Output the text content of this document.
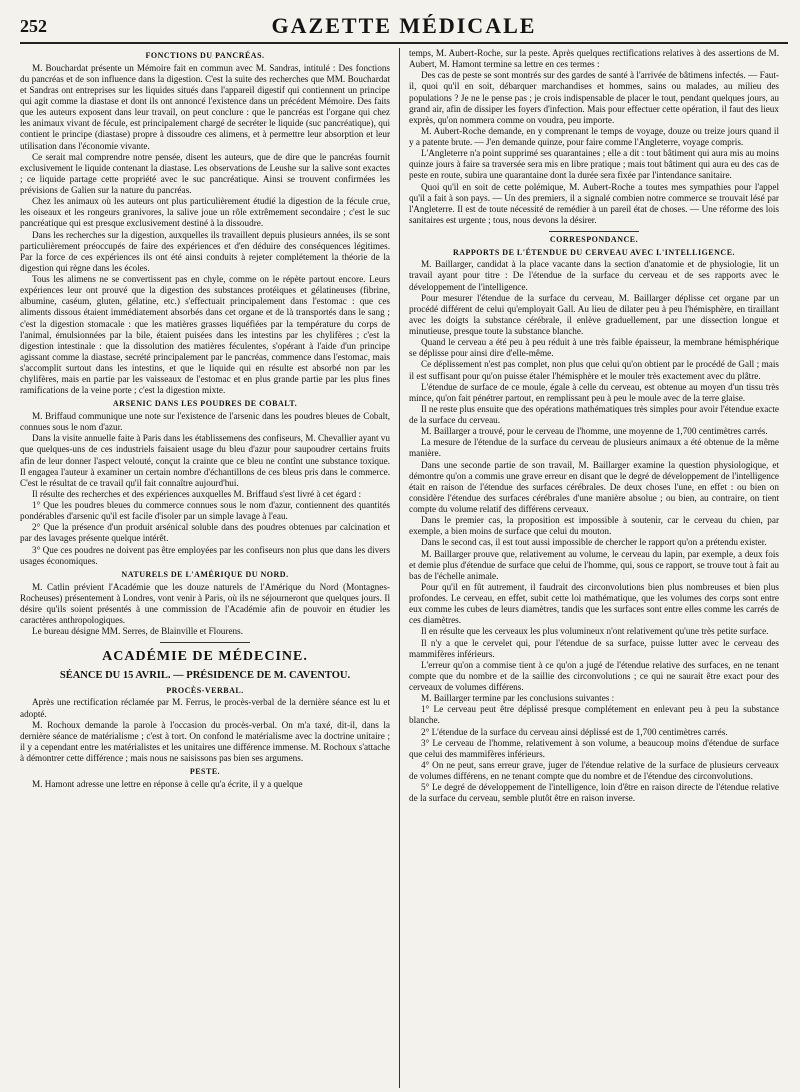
252	GAZETTE MÉDICALE
FONCTIONS DU PANCRÉAS.

M. Bouchardat présente un Mémoire fait en commun avec M. Sandras, intitulé : Des fonctions du pancréas et de son influence dans la digestion. C'est la suite des recherches que MM. Bouchardat et Sandras ont entreprises sur les liquides situés dans l'appareil digestif qui contiennent un principe qui agit comme la diastase et dont ils ont annoncé l'existence dans un précédent Mémoire. Des faits que les auteurs exposent dans leur travail, on peut conclure : que le pancréas est l'organe qui chez les animaux vivant de fécule, est principalement chargé de secréter le liquide (suc pancréatique), qui contient le principe (diastase) propre à dissoudre ces alimens, et à permettre leur absorption et leur utilisation dans l'économie vivante.

Ce serait mal comprendre notre pensée, disent les auteurs, que de dire que le pancréas fournit exclusivement le liquide contenant la diastase. Les observations de Leushe sur la salive sont exactes ; ce liquide partage cette propriété avec le suc pancréatique. Ainsi se trouvent confirmées les prévisions de Galien sur la nature du pancréas.

Chez les animaux où les auteurs ont plus particulièrement étudié la digestion de la fécule crue, les oiseaux et les rongeurs granivores, la salive joue un rôle extrêmement secondaire ; c'est le suc pancréatique qui est presque exclusivement destiné à la dissoudre.

Dans les recherches sur la digestion, auxquelles ils travaillent depuis plusieurs années, ils se sont particulièrement préoccupés de faire des expériences et d'en déduire des conséquences légitimes. Par la force de ces expériences ils ont été ainsi conduits à rejeter complétement la théorie de la digestion qui règne dans les écoles.

Tous les alimens ne se convertissent pas en chyle, comme on le répète partout encore. Leurs expériences leur ont prouvé que la digestion des substances protéiques et gélatineuses (fibrine, albumine, caséum, gluten, gélatine, etc.) s'effectuait principalement dans l'estomac : que ces aliments dissous étaient immédiatement absorbés dans cet organe et de là transportés dans le sang ; c'est la digestion stomacale : que les matières grasses liquéfiées par la température du corps de l'animal, émulsionnées par la bile, étaient puisées dans les intestins par les chylifères ; c'est la digestion intestinale : que la dissolution des matières féculentes, s'opérant à l'aide d'un principe agissant comme la diastase, secrété principalement par le pancréas, commence dans l'estomac, mais s'accomplit surtout dans les intestins, et que le liquide qui en résulte est absorbé non par les chylifères, mais en partie par les vaisseaux de l'estomac et en plus grande partie par les plus fines ramifications de la veine porte ; c'est la digestion mixte.

ARSENIC DANS LES POUDRES DE COBALT.

M. Briffaud communique une note sur l'existence de l'arsenic dans les poudres bleues de Cobalt, connues sous le nom d'azur.

Dans la visite annuelle faite à Paris dans les établissemens des confiseurs, M. Chevallier ayant vu que quelques-uns de ces industriels faisaient usage du bleu d'azur pour saupoudrer certains fruits afin de leur donner l'aspect velouté, conçut la crainte que ce bleu ne contînt une substance toxique. Il engagea l'auteur à examiner un certain nombre d'échantillons de ces bleus pris dans le commerce. C'est le résultat de ce travail qu'il fait connaître aujourd'hui.

Il résulte des recherches et des expériences auxquelles M. Briffaud s'est livré à cet égard :

1° Que les poudres bleues du commerce connues sous le nom d'azur, contiennent des quantités pondérables d'arsenic qu'il est facile d'isoler par un simple lavage à l'eau.

2° Que la présence d'un produit arsénical soluble dans des poudres obtenues par calcination et par des lavages présente quelque intérêt.

3° Que ces poudres ne doivent pas être employées par les confiseurs non plus que dans les divers usages économiques.

NATURELS DE L'AMÉRIQUE DU NORD.

M. Catlin prévient l'Académie que les douze naturels de l'Amérique du Nord (Montagnes-Rocheuses) présentement à Londres, vont venir à Paris, où ils ne séjourneront que quelques jours. Il désire qu'ils soient présentés à une commission de l'Académie afin de pouvoir en étudier les caractères anthropologiques.

Le bureau désigne MM. Serres, de Blainville et Flourens.

ACADÉMIE DE MÉDECINE.
SÉANCE DU 15 AVRIL. — PRÉSIDENCE DE M. CAVENTOU.
PROCÈS-VERBAL.

Après une rectification réclamée par M. Ferrus, le procès-verbal de la dernière séance est lu et adopté.

M. Rochoux demande la parole à l'occasion du procès-verbal. On m'a taxé, dit-il, dans la dernière séance de matérialisme ; c'est à tort. On confond le matérialisme avec la doctrine unitaire ; il y a cependant entre les matérialistes et les unitaires une différence immense. M. Rochoux s'attache à démontrer cette différence ; mais nous ne saisissons pas bien ses argumens.

PESTE.

M. Hamont adresse une lettre en réponse à celle qu'a écrite, il y a quelque

temps, M. Aubert-Roche, sur la peste. Après quelques rectifications relatives à des assertions de M. Aubert, M. Hamont termine sa lettre en ces termes :

Des cas de peste se sont montrés sur des gardes de santé à l'arrivée de bâtimens infectés. — Faut-il, quoi qu'il en soit, débarquer marchandises et hommes, sains ou malades, au milieu des populations ? Je ne le pense pas ; je crois indispensable de placer le tout, pendant quelques jours, au grand air, afin de dissiper les foyers d'infection. Mais pour effectuer cette opération, il faut des lieux exprès, qu'on nommera comme on voudra, peu importe.

M. Aubert-Roche demande, en y comprenant le temps de voyage, douze ou treize jours quand il y a patente brute. — J'en demande quinze, pour faire comme l'Angleterre, voyage compris.

L'Angleterre n'a point supprimé ses quarantaines ; elle a dit : tout bâtiment qui aura mis au moins quinze jours à faire sa traversée sera mis en libre pratique ; mais tout bâtiment qui aura eu des cas de peste en route, subira une quarantaine dont la durée sera fixée par l'intendance sanitaire.

Quoi qu'il en soit de cette polémique, M. Aubert-Roche a toutes mes sympathies pour l'appel qu'il a fait à son pays. — Un des premiers, il a signalé combien notre commerce se trouvait lésé par l'Angleterre. Il est de toute nécessité de remédier à un pareil état de choses. — Une réforme des lois sanitaires est urgente ; tous, nous devons la désirer.

CORRESPONDANCE.
RAPPORTS DE L'ÉTENDUE DU CERVEAU AVEC L'INTELLIGENCE.

M. Baillarger, candidat à la place vacante dans la section d'anatomie et de physiologie, lit un travail ayant pour titre : De l'étendue de la surface du cerveau et de ses rapports avec le développement de l'intelligence.

Pour mesurer l'étendue de la surface du cerveau, M. Baillarger déplisse cet organe par un procédé différent de celui qu'employait Gall. Au lieu de dilater peu à peu l'hémisphère, en tiraillant avec les doigts la substance cérébrale, il enlève graduellement, par une dissection longue et minutieuse, presque toute la substance blanche.

Quand le cerveau a été peu à peu réduit à une très faible épaisseur, la membrane hémisphérique se déplisse pour ainsi dire d'elle-même.

Ce déplissement n'est pas complet, non plus que celui qu'on obtient par le procédé de Gall ; mais il est suffisant pour qu'on puisse étaler l'hémisphère et le mouler très exactement avec du plâtre.

L'étendue de surface de ce moule, égale à celle du cerveau, est obtenue au moyen d'un tissu très mince, qu'on fait pénétrer partout, en remplissant peu à peu le moule avec de la terre glaise.

Il ne reste plus ensuite que des opérations mathématiques très simples pour avoir l'étendue exacte de la surface du cerveau.

M. Baillarger a trouvé, pour le cerveau de l'homme, une moyenne de 1,700 centimètres carrés.

La mesure de l'étendue de la surface du cerveau de plusieurs animaux a été obtenue de la même manière.

Dans une seconde partie de son travail, M. Baillarger examine la question physiologique, et démontre qu'on a commis une grave erreur en disant que le degré de développement de l'intelligence était en raison de l'étendue des surfaces cérébrales. De deux choses l'une, en effet : ou bien on considère l'étendue des surfaces cérébrales d'une manière absolue ; ou bien, au contraire, on tient compte du volume relatif des différens cerveaux.

Dans le premier cas, la proposition est impossible à soutenir, car le cerveau du chien, par exemple, a bien moins de surface que celui du mouton.

Dans le second cas, il est tout aussi impossible de chercher le rapport qu'on a prétendu exister.

M. Baillarger prouve que, relativement au volume, le cerveau du lapin, par exemple, a deux fois et demie plus d'étendue de surface que celui de l'homme, qui, sous ce rapport, se trouve tout à fait au bas de l'échelle animale.

Pour qu'il en fût autrement, il faudrait des circonvolutions bien plus nombreuses et bien plus profondes. Le cerveau, en effet, subit cette loi mathématique, que les volumes des corps sont entre eux comme les cubes de leurs diamètres, tandis que les surfaces sont entre elles comme les carrés de ces diamètres.

Il en résulte que les cerveaux les plus volumineux n'ont relativement qu'une très petite surface.

Il n'y a que le cervelet qui, pour l'étendue de sa surface, puisse lutter avec le cerveau des mammifères inférieurs.

L'erreur qu'on a commise tient à ce qu'on a jugé de l'étendue relative des surfaces, en ne tenant compte que du nombre et de la saillie des circonvolutions ; ce qui ne saurait être exact pour des cerveaux de volumes différens.

M. Baillarger termine par les conclusions suivantes :

1° Le cerveau peut être déplissé presque complétement en enlevant peu à peu la substance blanche.

2° L'étendue de la surface du cerveau ainsi déplissé est de 1,700 centimètres carrés.

3° Le cerveau de l'homme, relativement à son volume, a beaucoup moins d'étendue de surface que celui des mammifères inférieurs.

4° On ne peut, sans erreur grave, juger de l'étendue relative de la surface de plusieurs cerveaux de volumes différens, en ne tenant compte que du nombre et de l'étendue des circonvolutions.

5° Le degré de développement de l'intelligence, loin d'être en raison directe de l'étendue relative de la surface du cerveau, semble plutôt être en raison inverse.
